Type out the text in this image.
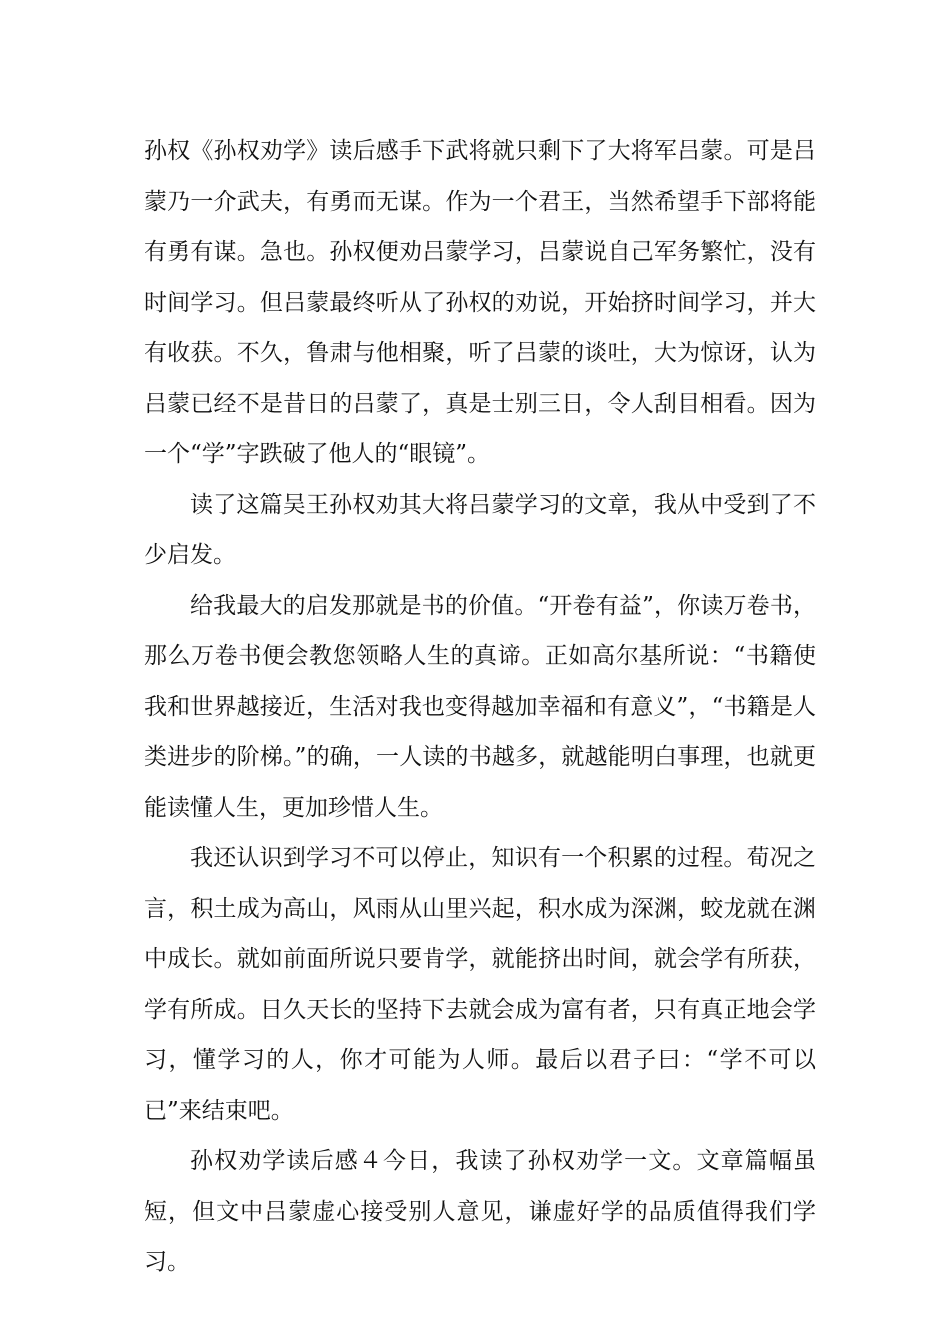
孙权《孙权劝学》读后感手下武将就只剩下了大将军吕蒙。可是吕蒙乃一介武夫，有勇而无谋。作为一个君王，当然希望手下部将能有勇有谋。急也。孙权便劝吕蒙学习，吕蒙说自己军务繁忙，没有时间学习。但吕蒙最终听从了孙权的劝说，开始挤时间学习，并大有收获。不久，鲁肃与他相聚，听了吕蒙的谈吐，大为惊讶，认为吕蒙已经不是昔日的吕蒙了，真是士别三日，令人刮目相看。因为一个“学”字跌破了他人的“眼镜”。

读了这篇吴王孙权劝其大将吕蒙学习的文章，我从中受到了不少启发。

给我最大的启发那就是书的价值。“开卷有益”，你读万卷书，那么万卷书便会教您领略人生的真谛。正如高尔基所说：“书籍使我和世界越接近，生活对我也变得越加幸福和有意义”，“书籍是人类进步的阶梯。”的确，一人读的书越多，就越能明白事理，也就更能读懂人生，更加珍惜人生。

我还认识到学习不可以停止，知识有一个积累的过程。荀况之言，积土成为高山，风雨从山里兴起，积水成为深渊，蛟龙就在渊中成长。就如前面所说只要肯学，就能挤出时间，就会学有所获，学有所成。日久天长的坚持下去就会成为富有者，只有真正地会学习，懂学习的人，你才可能为人师。最后以君子曰：“学不可以已”来结束吧。

孙权劝学读后感４今日，我读了孙权劝学一文。文章篇幅虽短，但文中吕蒙虚心接受别人意见，谦虚好学的品质值得我们学习。
